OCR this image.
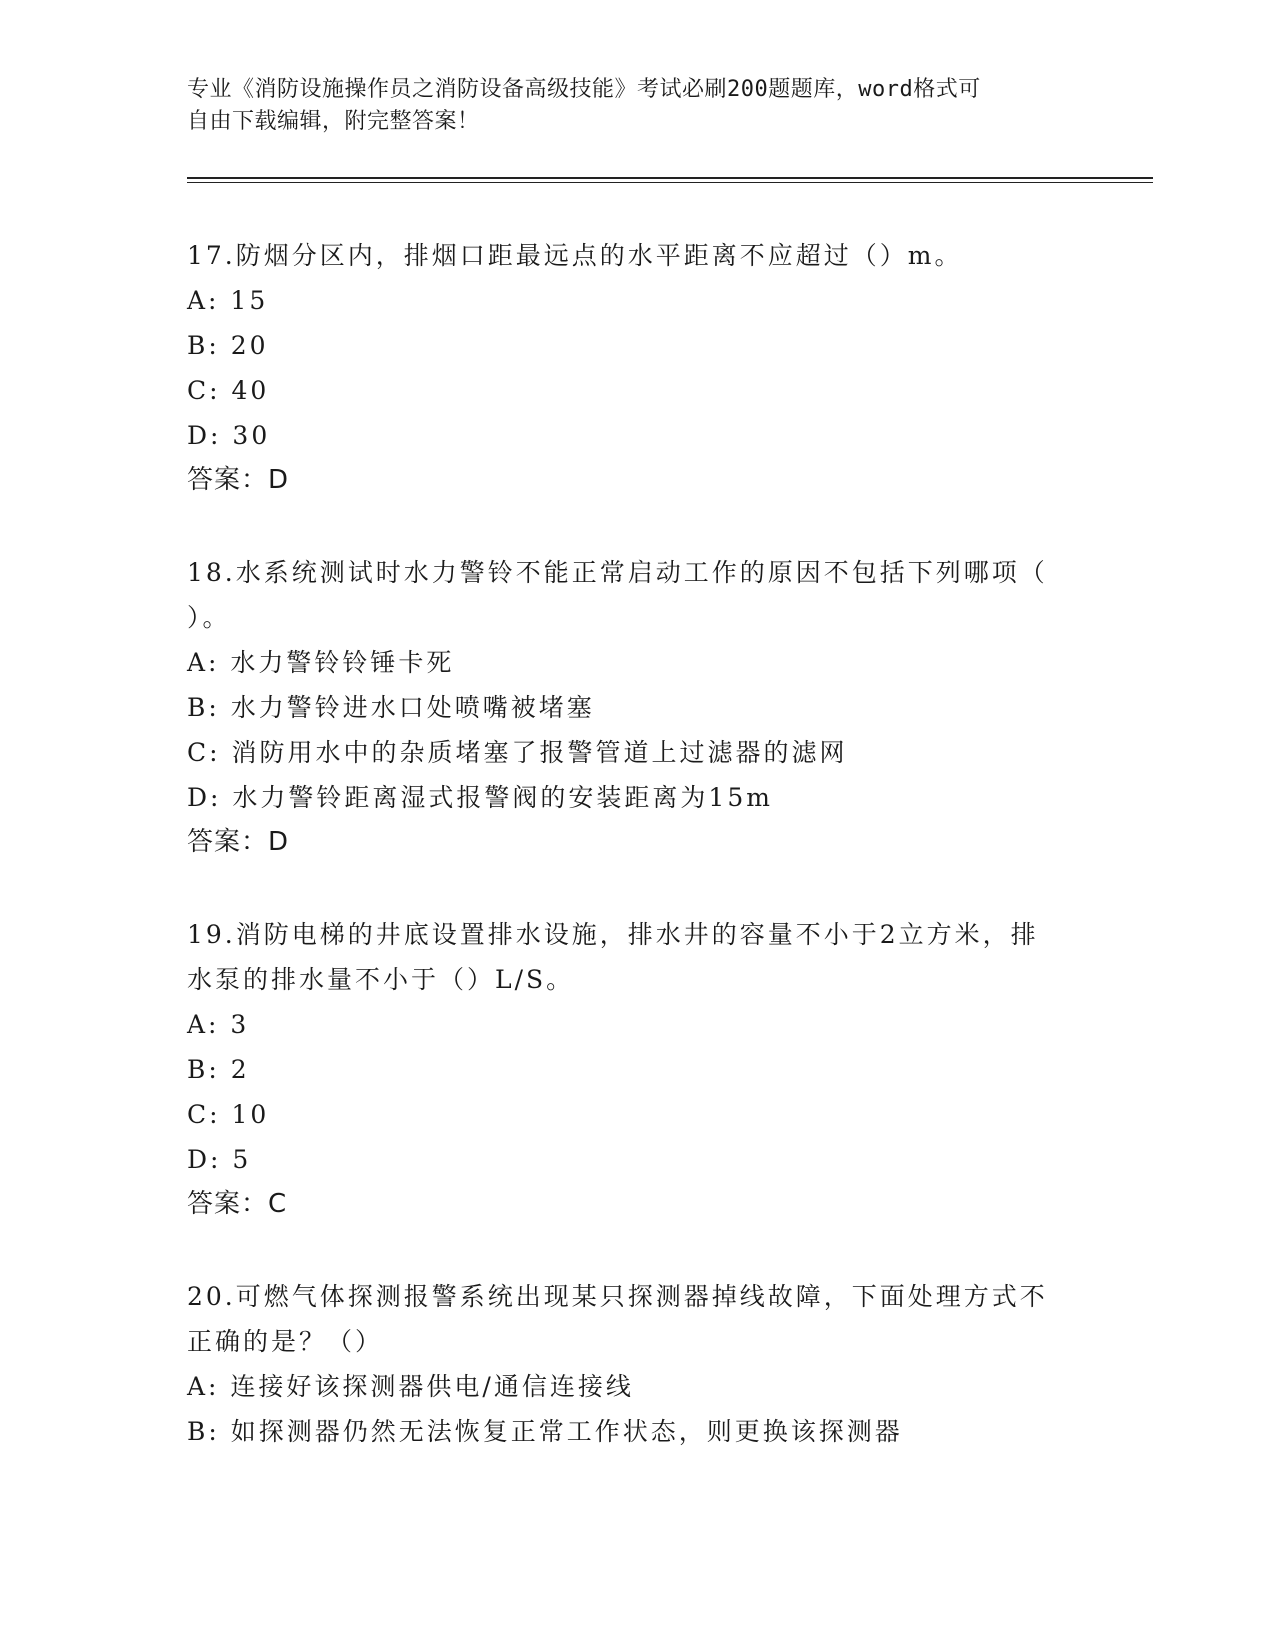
专业《消防设施操作员之消防设备高级技能》考试必刷200题题库，word格式可

自由下载编辑，附完整答案！

17.防烟分区内，排烟口距最远点的水平距离不应超过（）m。

A: 15

B: 20

C: 40

D: 30

答案：D

18.水系统测试时水力警铃不能正常启动工作的原因不包括下列哪项（

）。

A: 水力警铃铃锤卡死

B: 水力警铃进水口处喷嘴被堵塞

C: 消防用水中的杂质堵塞了报警管道上过滤器的滤网

D: 水力警铃距离湿式报警阀的安装距离为15m

答案：D

19.消防电梯的井底设置排水设施，排水井的容量不小于2立方米，排

水泵的排水量不小于（）L/S。

A: 3

B: 2

C: 10

D: 5

答案：C

20.可燃气体探测报警系统出现某只探测器掉线故障，下面处理方式不

正确的是？（）

A: 连接好该探测器供电/通信连接线

B: 如探测器仍然无法恢复正常工作状态，则更换该探测器
